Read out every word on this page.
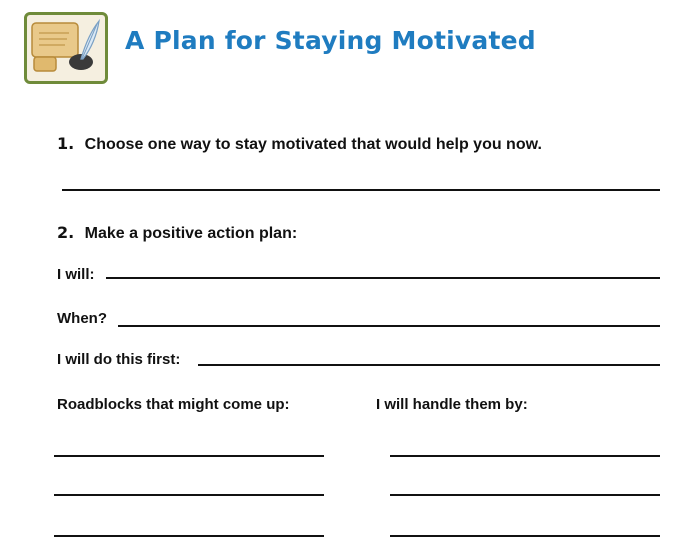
A Plan for Staying Motivated
1. Choose one way to stay motivated that would help you now.
2. Make a positive action plan:
I will:
When?
I will do this first:
Roadblocks that might come up:	I will handle them by:
